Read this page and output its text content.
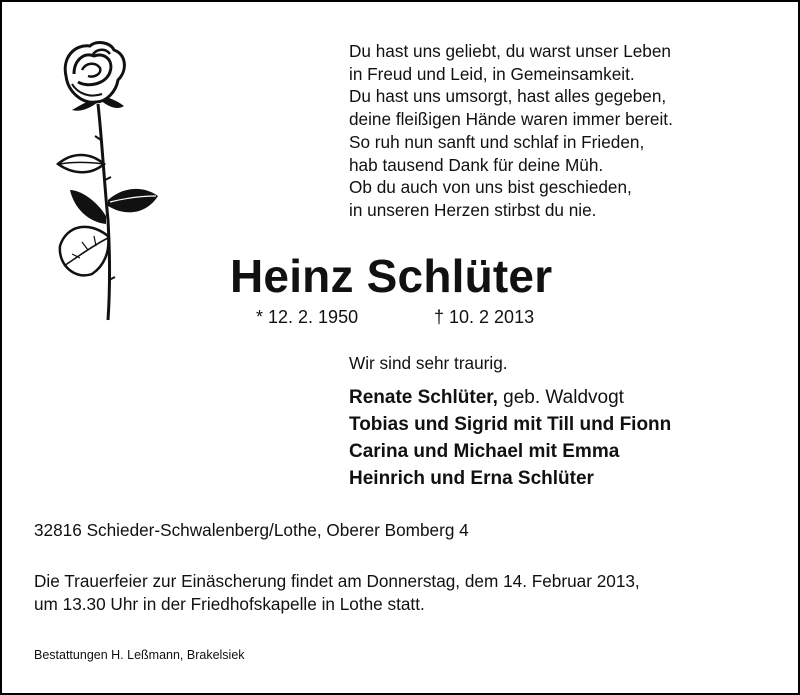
Du hast uns geliebt, du warst unser Leben
in Freud und Leid, in Gemeinsamkeit.
Du hast uns umsorgt, hast alles gegeben,
deine fleißigen Hände waren immer bereit.
So ruh nun sanft und schlaf in Frieden,
hab tausend Dank für deine Müh.
Ob du auch von uns bist geschieden,
in unseren Herzen stirbst du nie.
Heinz Schlüter
* 12. 2. 1950	† 10. 2 2013
Wir sind sehr traurig.
Renate Schlüter, geb. Waldvogt
Tobias und Sigrid mit Till und Fionn
Carina und Michael mit Emma
Heinrich und Erna Schlüter
32816 Schieder-Schwalenberg/Lothe, Oberer Bomberg 4
Die Trauerfeier zur Einäscherung findet am Donnerstag, dem 14. Februar 2013,
um 13.30 Uhr in der Friedhofskapelle in Lothe statt.
Bestattungen H. Leßmann, Brakelsiek
